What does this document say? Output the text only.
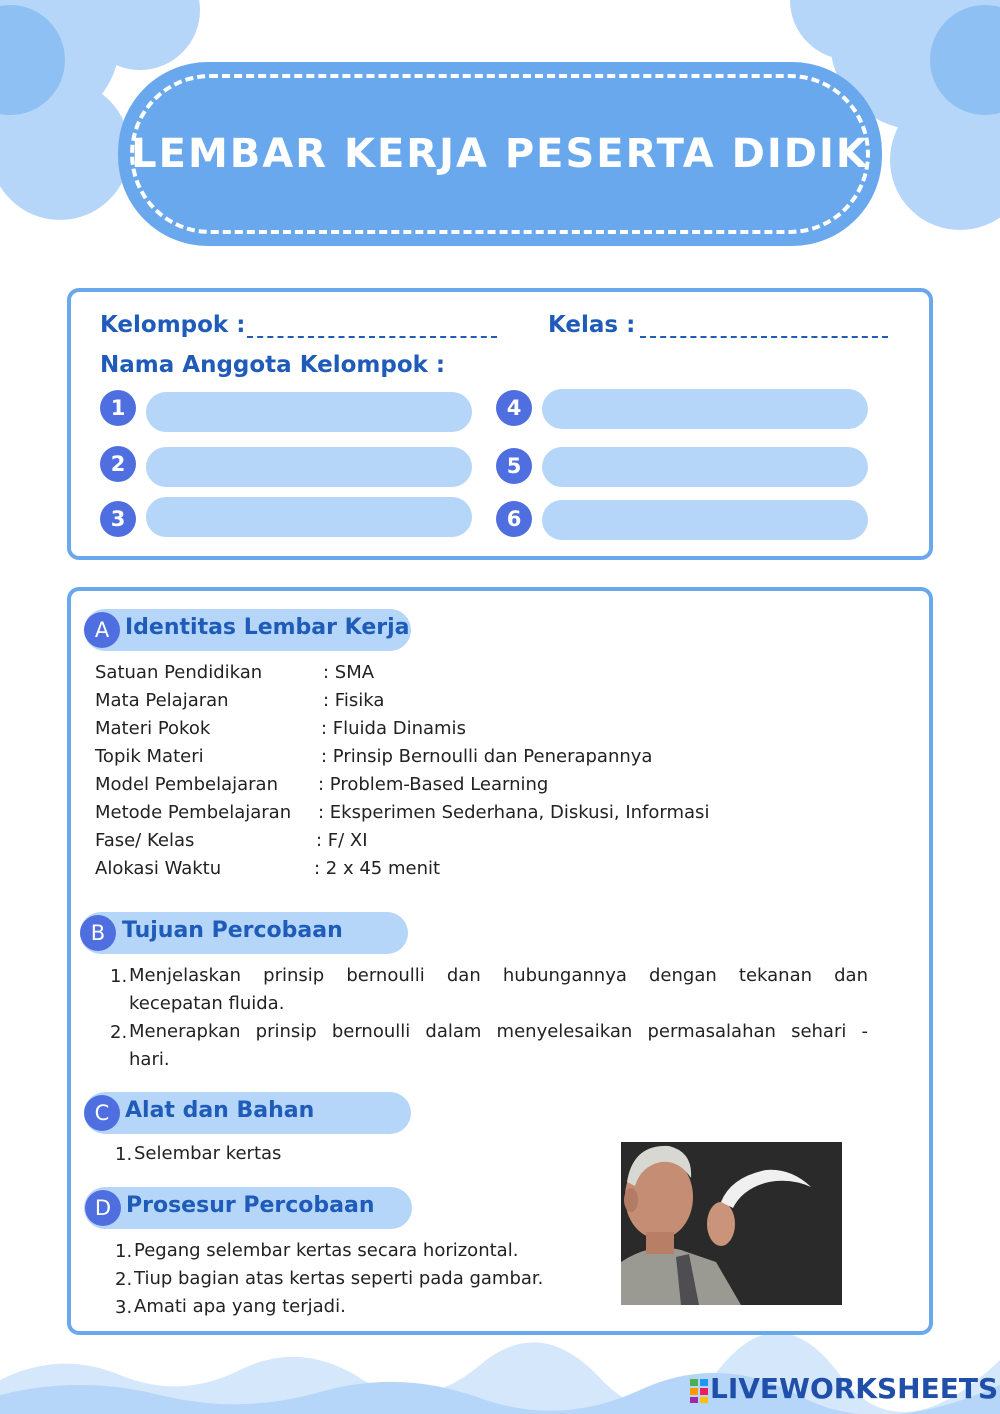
LEMBAR KERJA PESERTA DIDIK
Kelompok :	Kelas :
Nama Anggota Kelompok :
1
2
3
4
5
6
A Identitas Lembar Kerja
Satuan Pendidikan	: SMA
Mata Pelajaran	: Fisika
Materi Pokok	: Fluida Dinamis
Topik Materi	: Prinsip Bernoulli dan Penerapannya
Model Pembelajaran : Problem-Based Learning
Metode Pembelajaran : Eksperimen Sederhana, Diskusi, Informasi
Fase/ Kelas	: F/ XI
Alokasi Waktu	: 2 x 45 menit
B Tujuan Percobaan
1. Menjelaskan prinsip bernoulli dan hubungannya dengan tekanan dan
kecepatan fluida.
2. Menerapkan prinsip bernoulli dalam menyelesaikan permasalahan sehari -
hari.
C Alat dan Bahan
1. Selembar kertas
D Prosesur Percobaan
1. Pegang selembar kertas secara horizontal.
2. Tiup bagian atas kertas seperti pada gambar.
3. Amati apa yang terjadi.
LIVEWORKSHEETS
